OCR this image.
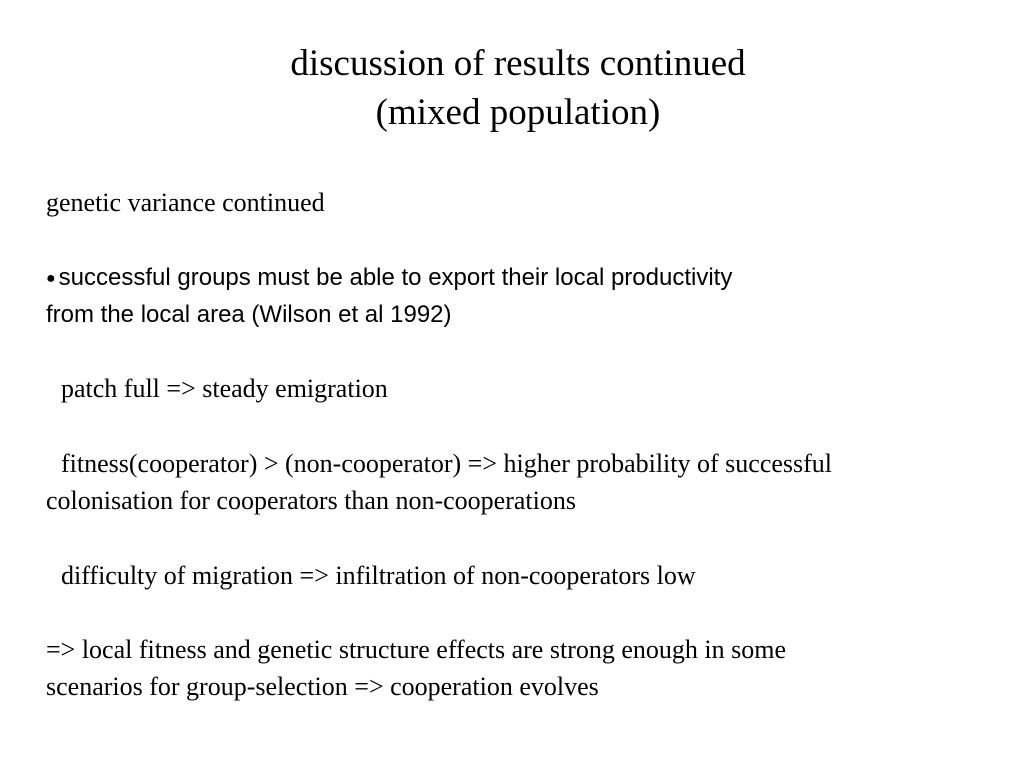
discussion of results continued
(mixed population)

genetic variance continued

● successful groups must be able to export their local productivity

from the local area (Wilson et al 1992)

patch full => steady emigration

fitness(cooperator) > (non-cooperator) => higher probability of successful

colonisation for cooperators than non-cooperations

difficulty of migration => infiltration of non-cooperators low

=> local fitness and genetic structure effects are strong enough in some

scenarios for group-selection => cooperation evolves
